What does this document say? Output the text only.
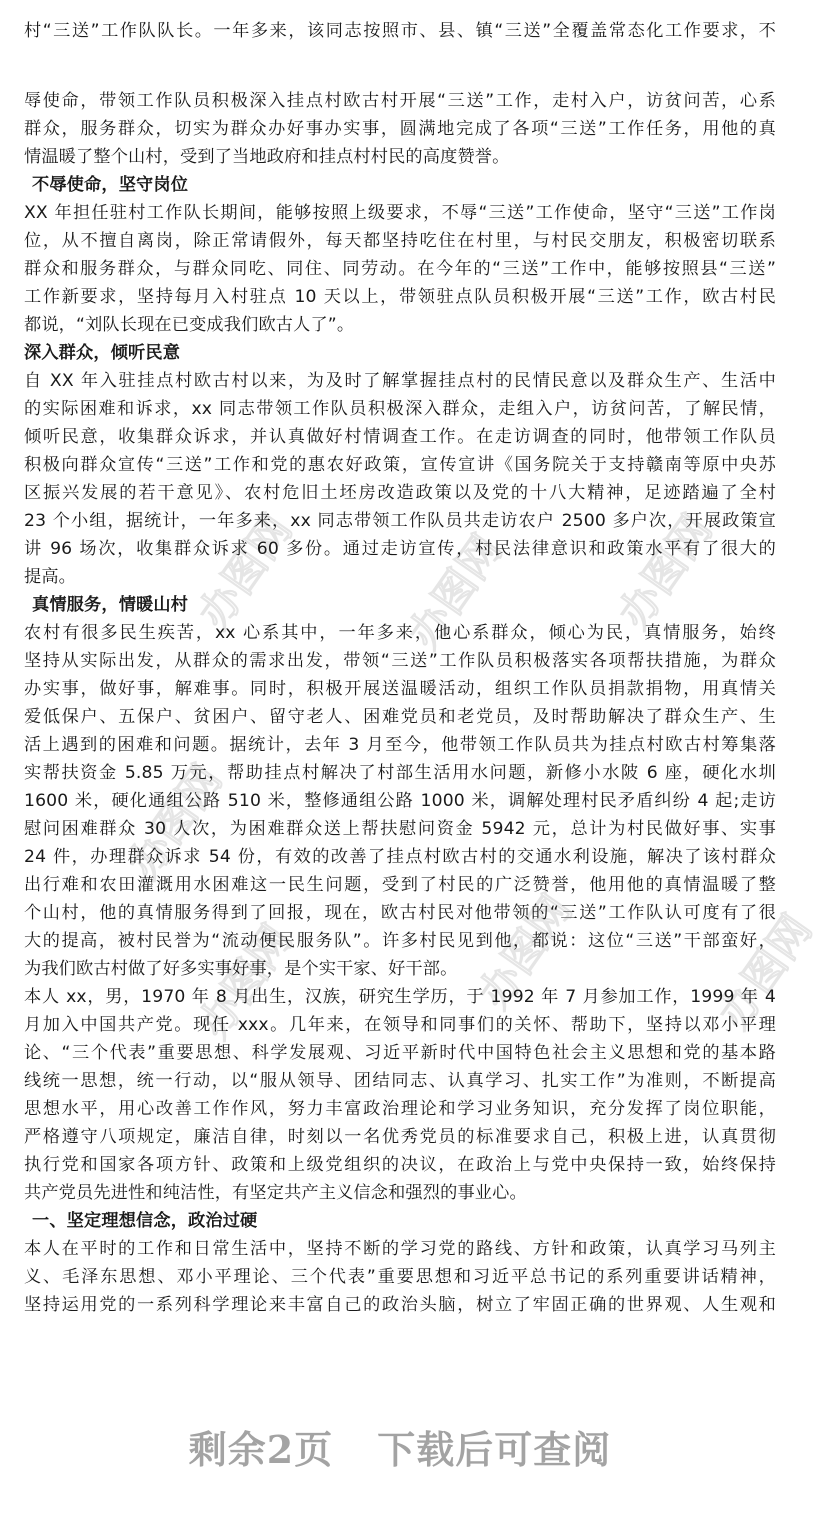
办图网 办图网 办图网
办图网
办图网	办图网	办图网

村“三送”工作队队长。一年多来，该同志按照市、县、镇“三送”全覆盖常态化工作要求，不
辱使命，带领工作队员积极深入挂点村欧古村开展“三送”工作，走村入户，访贫问苦，心系
群众，服务群众，切实为群众办好事办实事，圆满地完成了各项“三送”工作任务，用他的真
情温暖了整个山村，受到了当地政府和挂点村村民的高度赞誉。
不辱使命，坚守岗位
XX 年担任驻村工作队长期间，能够按照上级要求，不辱“三送”工作使命，坚守“三送”工作岗
位，从不擅自离岗，除正常请假外，每天都坚持吃住在村里，与村民交朋友，积极密切联系
群众和服务群众，与群众同吃、同住、同劳动。在今年的“三送”工作中，能够按照县“三送”
工作新要求，坚持每月入村驻点 10 天以上，带领驻点队员积极开展“三送”工作，欧古村民
都说，“刘队长现在已变成我们欧古人了”。
深入群众，倾听民意
自 XX 年入驻挂点村欧古村以来，为及时了解掌握挂点村的民情民意以及群众生产、生活中
的实际困难和诉求，xx 同志带领工作队员积极深入群众，走组入户，访贫问苦，了解民情，
倾听民意，收集群众诉求，并认真做好村情调查工作。在走访调查的同时，他带领工作队员
积极向群众宣传“三送”工作和党的惠农好政策，宣传宣讲《国务院关于支持赣南等原中央苏
区振兴发展的若干意见》、农村危旧土坯房改造政策以及党的十八大精神，足迹踏遍了全村
23 个小组，据统计，一年多来，xx 同志带领工作队员共走访农户 2500 多户次，开展政策宣
讲 96 场次，收集群众诉求 60 多份。通过走访宣传，村民法律意识和政策水平有了很大的
提高。
真情服务，情暖山村
农村有很多民生疾苦，xx 心系其中，一年多来，他心系群众，倾心为民，真情服务，始终
坚持从实际出发，从群众的需求出发，带领“三送”工作队员积极落实各项帮扶措施，为群众
办实事，做好事，解难事。同时，积极开展送温暖活动，组织工作队员捐款捐物，用真情关
爱低保户、五保户、贫困户、留守老人、困难党员和老党员，及时帮助解决了群众生产、生
活上遇到的困难和问题。据统计，去年 3 月至今，他带领工作队员共为挂点村欧古村筹集落
实帮扶资金 5.85 万元，帮助挂点村解决了村部生活用水问题，新修小水陂 6 座，硬化水圳
1600 米，硬化通组公路 510 米，整修通组公路 1000 米，调解处理村民矛盾纠纷 4 起;走访
慰问困难群众 30 人次，为困难群众送上帮扶慰问资金 5942 元，总计为村民做好事、实事
24 件，办理群众诉求 54 份，有效的改善了挂点村欧古村的交通水利设施，解决了该村群众
出行难和农田灌溉用水困难这一民生问题，受到了村民的广泛赞誉，他用他的真情温暖了整
个山村，他的真情服务得到了回报，现在，欧古村民对他带领的“三送”工作队认可度有了很
大的提高，被村民誉为“流动便民服务队”。许多村民见到他，都说：这位“三送”干部蛮好，
为我们欧古村做了好多实事好事，是个实干家、好干部。
本人 xx，男，1970 年 8 月出生，汉族，研究生学历，于 1992 年 7 月参加工作，1999 年 4
月加入中国共产党。现任 xxx。几年来，在领导和同事们的关怀、帮助下，坚持以邓小平理
论、“三个代表”重要思想、科学发展观、习近平新时代中国特色社会主义思想和党的基本路
线统一思想，统一行动，以“服从领导、团结同志、认真学习、扎实工作”为准则，不断提高
思想水平，用心改善工作作风，努力丰富政治理论和学习业务知识，充分发挥了岗位职能，
严格遵守八项规定，廉洁自律，时刻以一名优秀党员的标准要求自己，积极上进，认真贯彻
执行党和国家各项方针、政策和上级党组织的决议，在政治上与党中央保持一致，始终保持
共产党员先进性和纯洁性，有坚定共产主义信念和强烈的事业心。
一、坚定理想信念，政治过硬
本人在平时的工作和日常生活中，坚持不断的学习党的路线、方针和政策，认真学习马列主
义、毛泽东思想、邓小平理论、三个代表”重要思想和习近平总书记的系列重要讲话精神，
坚持运用党的一系列科学理论来丰富自己的政治头脑，树立了牢固正确的世界观、人生观和
剩余2页 下载后可查阅
